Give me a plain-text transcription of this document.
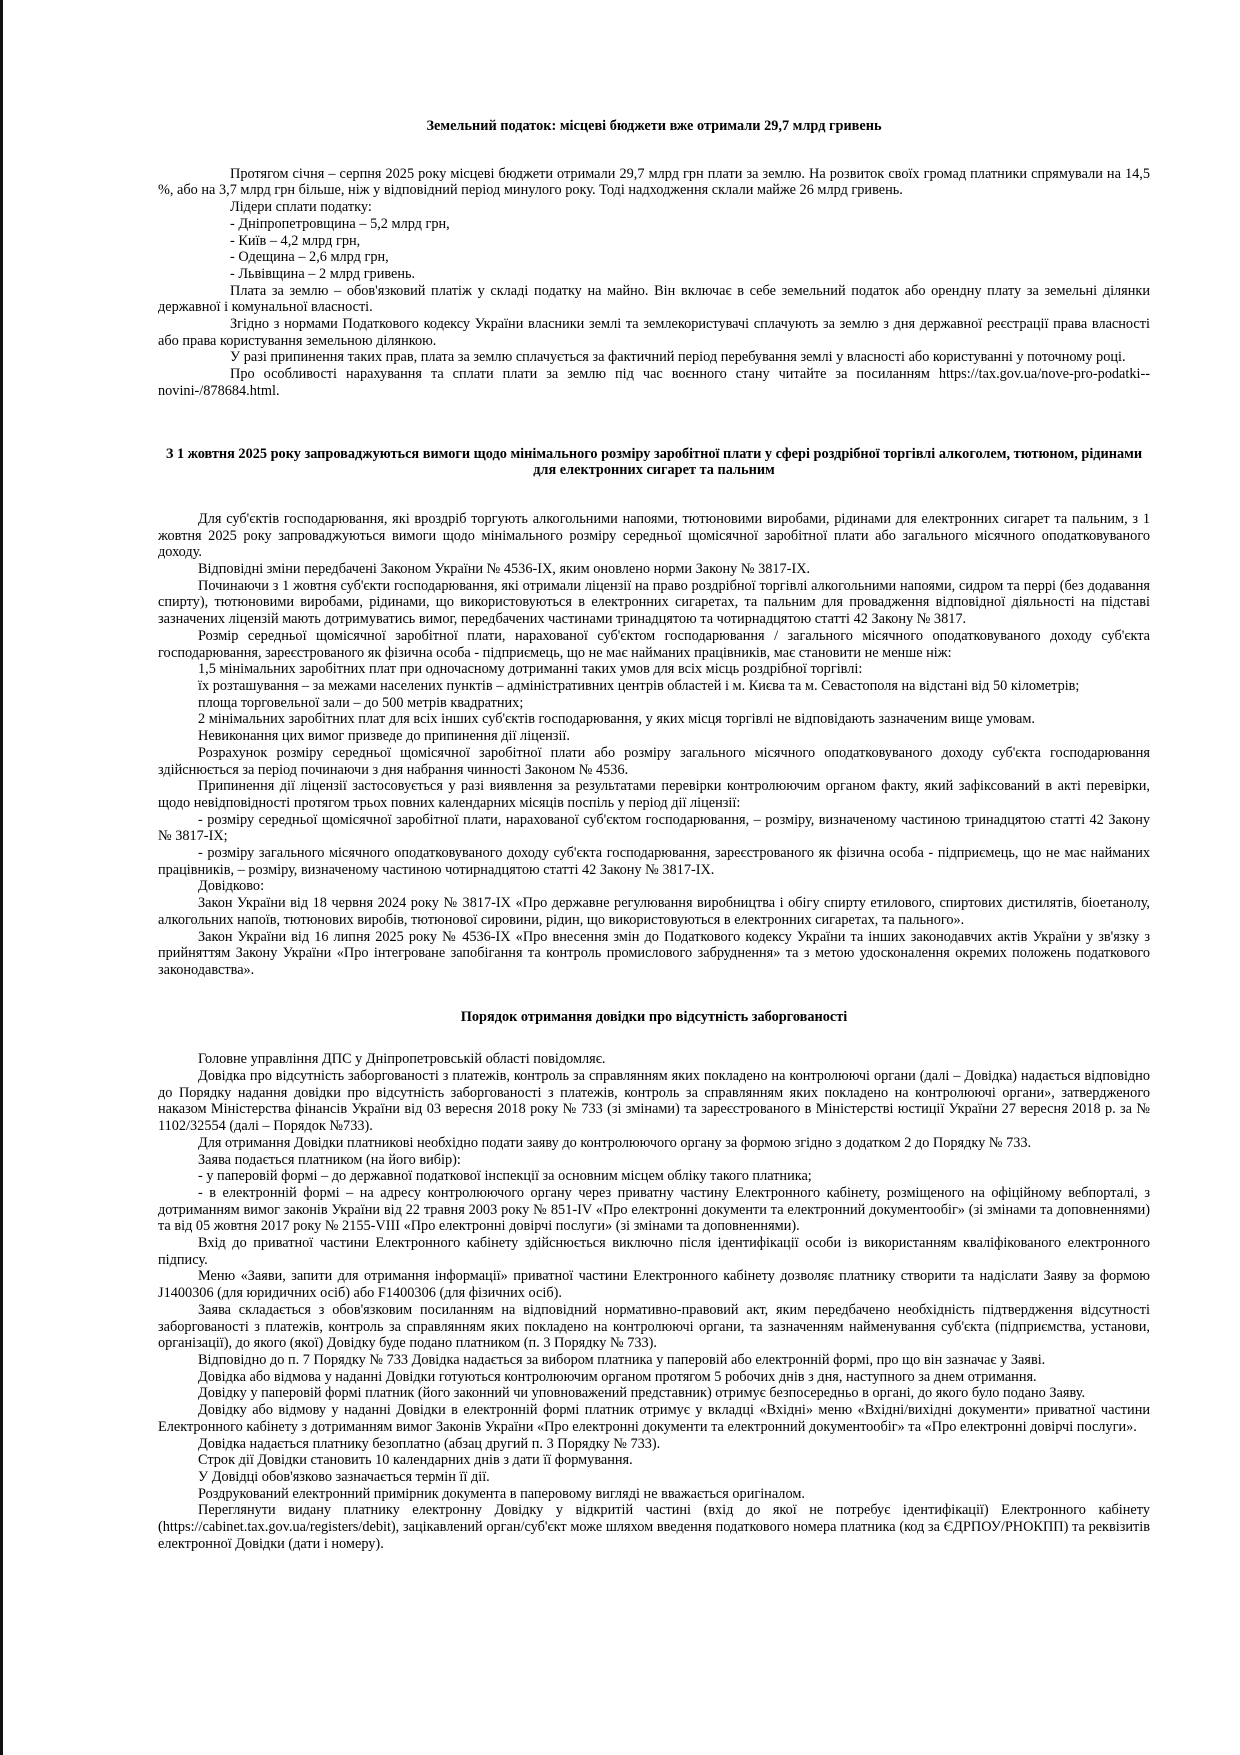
Земельний податок: місцеві бюджети вже отримали 29,7 млрд гривень

Протягом січня – серпня 2025 року місцеві бюджети отримали 29,7 млрд грн плати за землю. На розвиток своїх громад платники спрямували на 14,5 %, або на 3,7 млрд грн більше, ніж у відповідний період минулого року. Тоді надходження склали майже 26 млрд гривень.

Лідери сплати податку:

- Дніпропетровщина – 5,2 млрд грн,

- Київ – 4,2 млрд грн,

- Одещина – 2,6 млрд грн,

- Львівщина – 2 млрд гривень.

Плата за землю – обов'язковий платіж у складі податку на майно. Він включає в себе земельний податок або орендну плату за земельні ділянки державної і комунальної власності.

Згідно з нормами Податкового кодексу України власники землі та землекористувачі сплачують за землю з дня державної реєстрації права власності або права користування земельною ділянкою.

У разі припинення таких прав, плата за землю сплачується за фактичний період перебування землі у власності або користуванні у поточному році.

Про особливості нарахування та сплати плати за землю під час воєнного стану читайте за посиланням https://tax.gov.ua/nove-pro-podatki--novini-/878684.html.

З 1 жовтня 2025 року запроваджуються вимоги щодо мінімального розміру заробітної плати у сфері роздрібної торгівлі алкоголем, тютюном, рідинами для електронних сигарет та пальним

Для суб'єктів господарювання, які вроздріб торгують алкогольними напоями, тютюновими виробами, рідинами для електронних сигарет та пальним, з 1 жовтня 2025 року запроваджуються вимоги щодо мінімального розміру середньої щомісячної заробітної плати або загального місячного оподатковуваного доходу.

Відповідні зміни передбачені Законом України № 4536-IX, яким оновлено норми Закону № 3817-IX.

Починаючи з 1 жовтня суб'єкти господарювання, які отримали ліцензії на право роздрібної торгівлі алкогольними напоями, сидром та перрі (без додавання спирту), тютюновими виробами, рідинами, що використовуються в електронних сигаретах, та пальним для провадження відповідної діяльності на підставі зазначених ліцензій мають дотримуватись вимог, передбачених частинами тринадцятою та чотирнадцятою статті 42 Закону № 3817.

Розмір середньої щомісячної заробітної плати, нарахованої суб'єктом господарювання / загального місячного оподатковуваного доходу суб'єкта господарювання, зареєстрованого як фізична особа - підприємець, що не має найманих працівників, має становити не менше ніж:

1,5 мінімальних заробітних плат при одночасному дотриманні таких умов для всіх місць роздрібної торгівлі:

їх розташування – за межами населених пунктів – адміністративних центрів областей і м. Києва та м. Севастополя на відстані від 50 кілометрів;

площа торговельної зали – до 500 метрів квадратних;

2 мінімальних заробітних плат для всіх інших суб'єктів господарювання, у яких місця торгівлі не відповідають зазначеним вище умовам.

Невиконання цих вимог призведе до припинення дії ліцензії.

Розрахунок розміру середньої щомісячної заробітної плати або розміру загального місячного оподатковуваного доходу суб'єкта господарювання здійснюється за період починаючи з дня набрання чинності Законом № 4536.

Припинення дії ліцензії застосовується у разі виявлення за результатами перевірки контролюючим органом факту, який зафіксований в акті перевірки, щодо невідповідності протягом трьох повних календарних місяців поспіль у період дії ліцензії:

- розміру середньої щомісячної заробітної плати, нарахованої суб'єктом господарювання, – розміру, визначеному частиною тринадцятою статті 42 Закону № 3817-IX;

- розміру загального місячного оподатковуваного доходу суб'єкта господарювання, зареєстрованого як фізична особа - підприємець, що не має найманих працівників, – розміру, визначеному частиною чотирнадцятою статті 42 Закону № 3817-IX.

Довідково:

Закон України від 18 червня 2024 року № 3817-IX «Про державне регулювання виробництва і обігу спирту етилового, спиртових дистилятів, біоетанолу, алкогольних напоїв, тютюнових виробів, тютюнової сировини, рідин, що використовуються в електронних сигаретах, та пального».

Закон України від 16 липня 2025 року № 4536-IX «Про внесення змін до Податкового кодексу України та інших законодавчих актів України у зв'язку з прийняттям Закону України «Про інтегроване запобігання та контроль промислового забруднення» та з метою удосконалення окремих положень податкового законодавства».

Порядок отримання довідки про відсутність заборгованості

Головне управління ДПС у Дніпропетровській області повідомляє.

Довідка про відсутність заборгованості з платежів, контроль за справлянням яких покладено на контролюючі органи (далі – Довідка) надається відповідно до Порядку надання довідки про відсутність заборгованості з платежів, контроль за справлянням яких покладено на контролюючі органи», затвердженого наказом Міністерства фінансів України від 03 вересня 2018 року № 733 (зі змінами) та зареєстрованого в Міністерстві юстиції України 27 вересня 2018 р. за № 1102/32554 (далі – Порядок №733).

Для отримання Довідки платникові необхідно подати заяву до контролюючого органу за формою згідно з додатком 2 до Порядку № 733.

Заява подається платником (на його вибір):

- у паперовій формі – до державної податкової інспекції за основним місцем обліку такого платника;

- в електронній формі – на адресу контролюючого органу через приватну частину Електронного кабінету, розміщеного на офіційному вебпорталі, з дотриманням вимог законів України від 22 травня 2003 року № 851-IV «Про електронні документи та електронний документообіг» (зі змінами та доповненнями) та від 05 жовтня 2017 року № 2155-VIII «Про електронні довірчі послуги» (зі змінами та доповненнями).

Вхід до приватної частини Електронного кабінету здійснюється виключно після ідентифікації особи із використанням кваліфікованого електронного підпису.

Меню «Заяви, запити для отримання інформації» приватної частини Електронного кабінету дозволяє платнику створити та надіслати Заяву за формою J1400306 (для юридичних осіб) або F1400306 (для фізичних осіб).

Заява складається з обов'язковим посиланням на відповідний нормативно-правовий акт, яким передбачено необхідність підтвердження відсутності заборгованості з платежів, контроль за справлянням яких покладено на контролюючі органи, та зазначенням найменування суб'єкта (підприємства, установи, організації), до якого (якої) Довідку буде подано платником (п. 3 Порядку № 733).

Відповідно до п. 7 Порядку № 733 Довідка надається за вибором платника у паперовій або електронній формі, про що він зазначає у Заяві.

Довідка або відмова у наданні Довідки готуються контролюючим органом протягом 5 робочих днів з дня, наступного за днем отримання.

Довідку у паперовій формі платник (його законний чи уповноважений представник) отримує безпосередньо в органі, до якого було подано Заяву.

Довідку або відмову у наданні Довідки в електронній формі платник отримує у вкладці «Вхідні» меню «Вхідні/вихідні документи» приватної частини Електронного кабінету з дотриманням вимог Законів України «Про електронні документи та електронний документообіг» та «Про електронні довірчі послуги».

Довідка надається платнику безоплатно (абзац другий п. 3 Порядку № 733).

Строк дії Довідки становить 10 календарних днів з дати її формування.

У Довідці обов'язково зазначається термін її дії.

Роздрукований електронний примірник документа в паперовому вигляді не вважається оригіналом.

Переглянути видану платнику електронну Довідку у відкритій частині (вхід до якої не потребує ідентифікації) Електронного кабінету (https://cabinet.tax.gov.ua/registers/debit), зацікавлений орган/суб'єкт може шляхом введення податкового номера платника (код за ЄДРПОУ/РНОКПП) та реквізитів електронної Довідки (дати і номеру).
